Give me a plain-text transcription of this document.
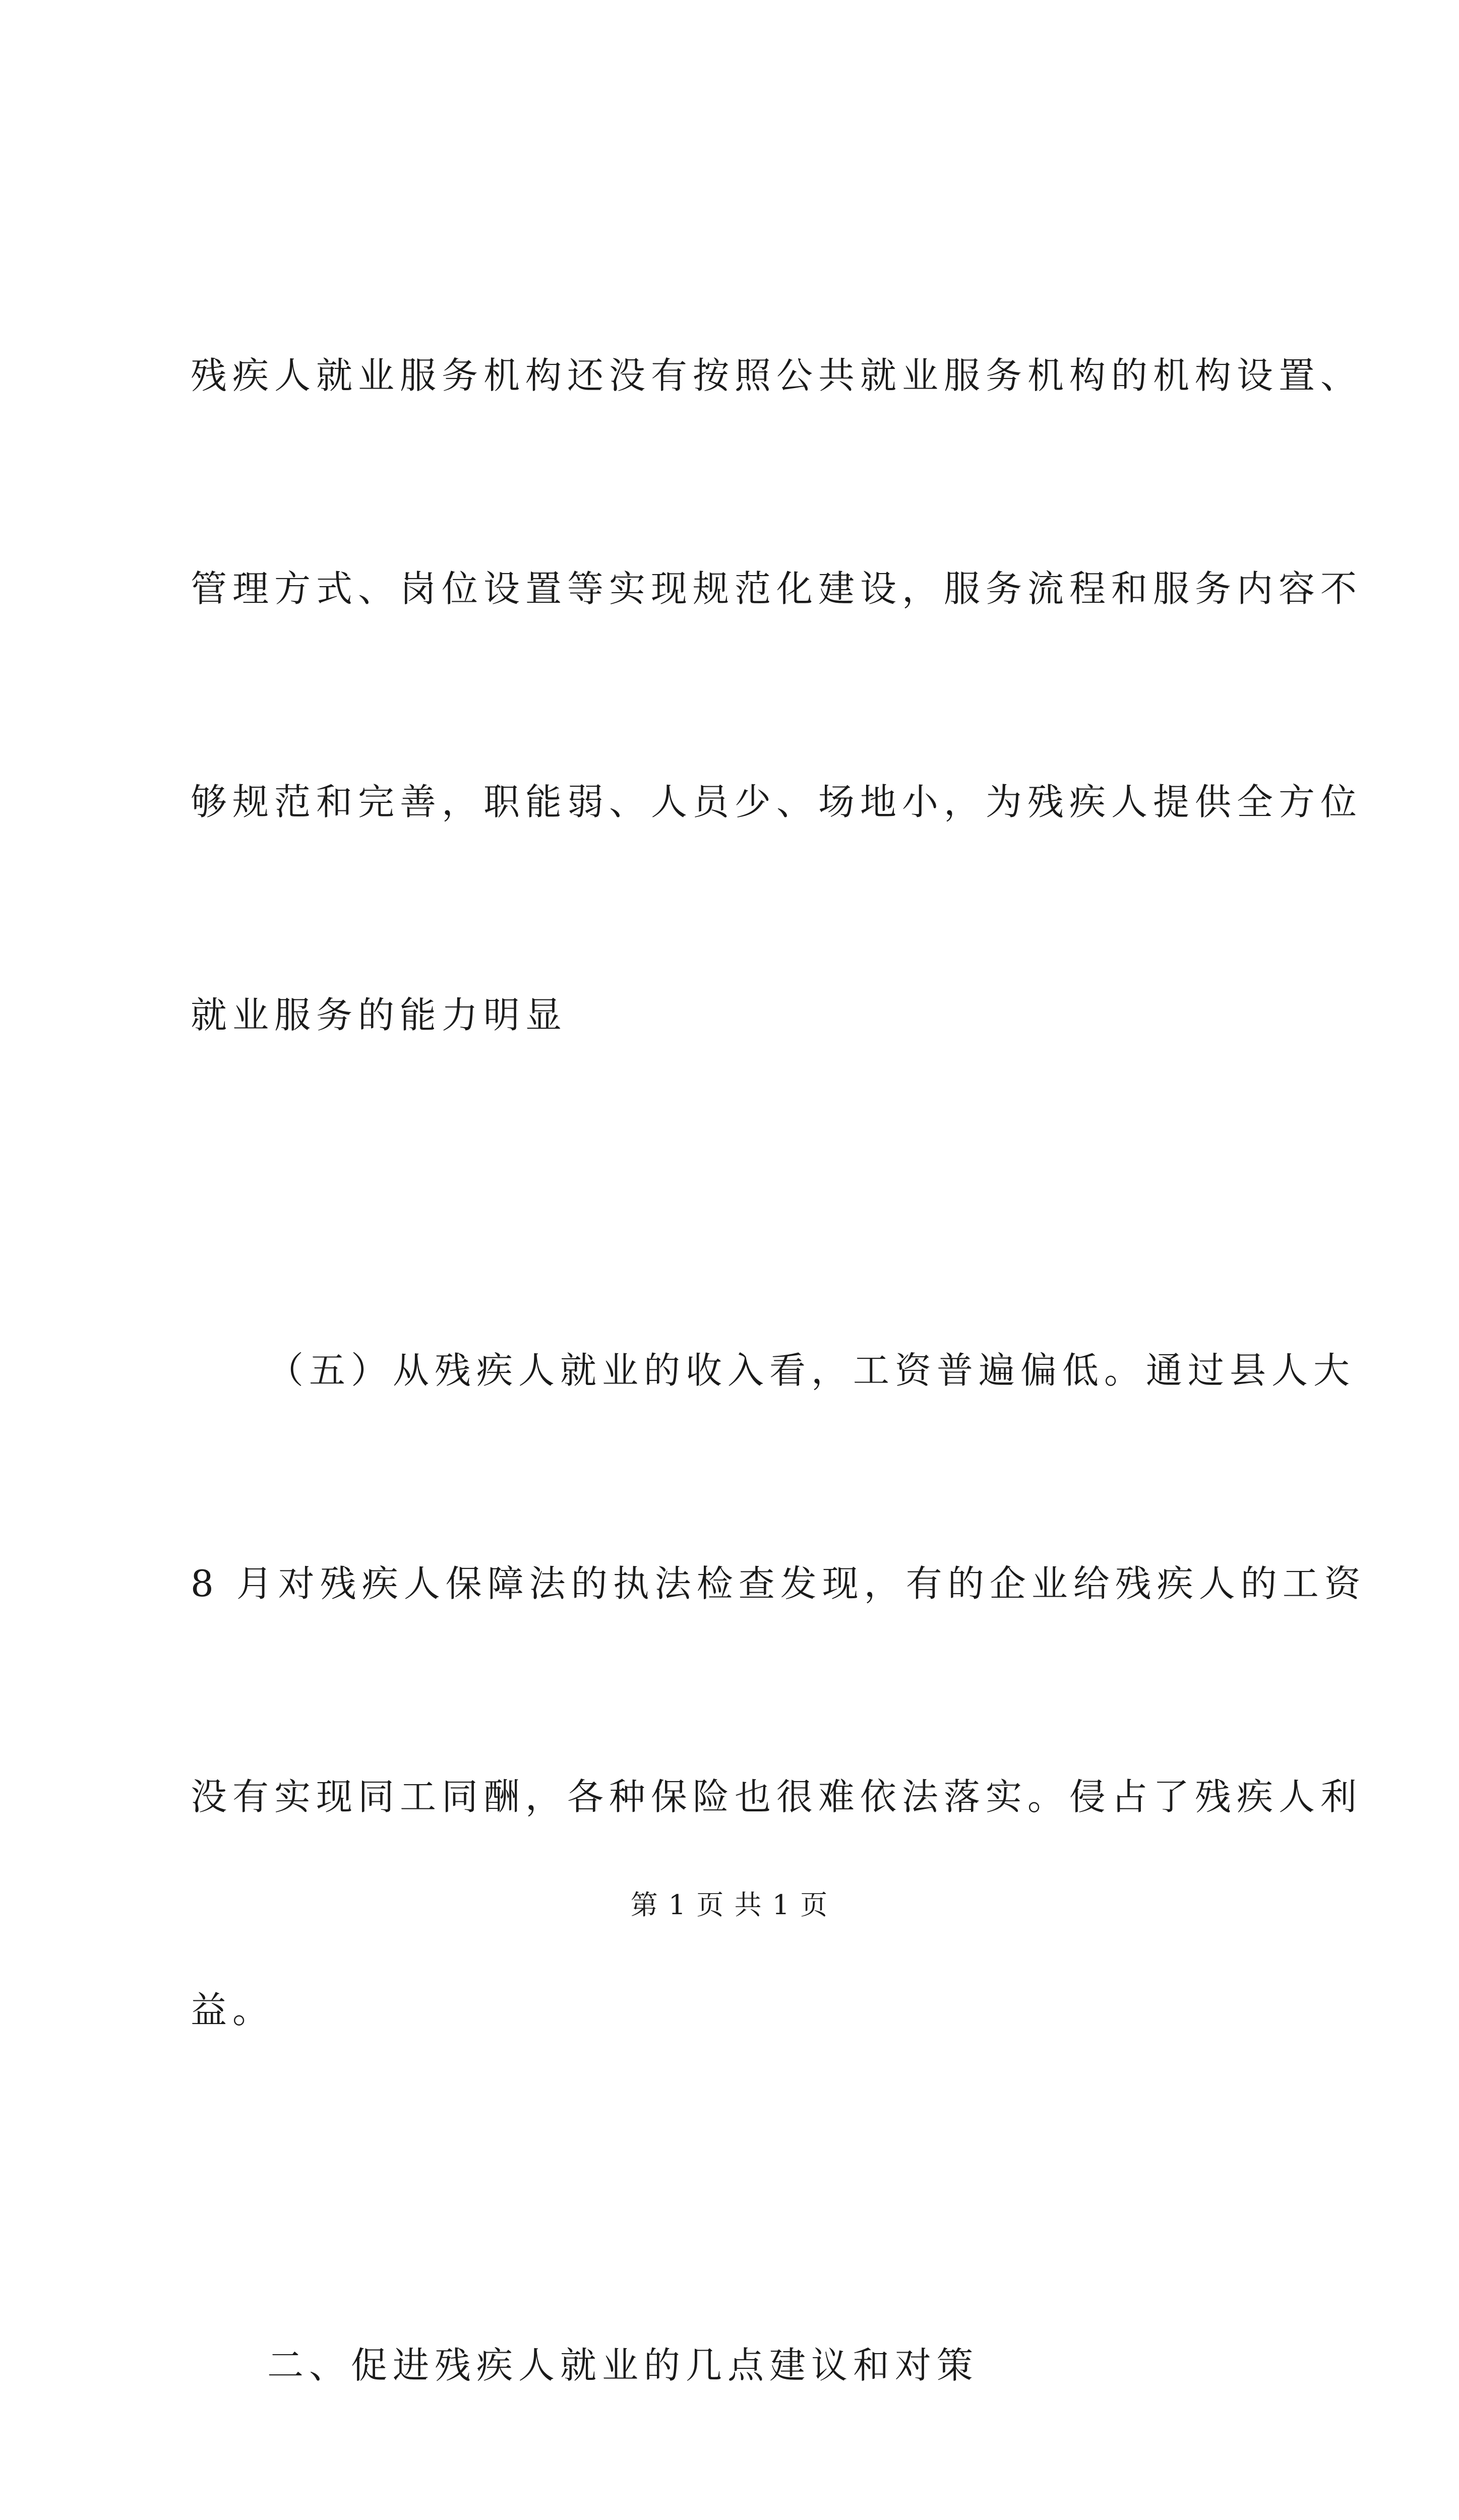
残疾人就业服务机构还没有按照公共就业服务机构的机构设置、

管理方式、岗位设置等实现规范化建设，服务流程和服务内容不

够规范和完善，职能弱、人员少、场地小，为残疾人提供全方位

就业服务的能力明显

（五）从残疾人就业的收入看，工资普遍偏低。通过县人大

8 月对残疾人保障法的执法检查发现，有的企业给残疾人的工资

没有实现同工同酬，各种保险也很难依法落实。侵占了残疾人利

益。

二、促进残疾人就业的几点建议和对策

第 1 页 共 1 页
